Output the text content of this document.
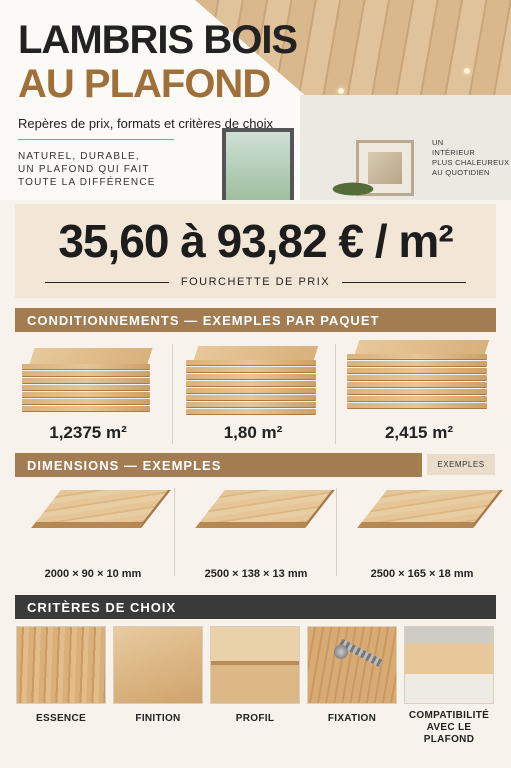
LAMBRIS BOIS
AU PLAFOND
Repères de prix, formats et critères de choix
NATUREL, DURABLE,
UN PLAFOND QUI FAIT
TOUTE LA DIFFÉRENCE
UN
INTÉRIEUR
PLUS CHALEUREUX
AU QUOTIDIEN
35,60 à 93,82 € / m²
FOURCHETTE DE PRIX
CONDITIONNEMENTS — EXEMPLES PAR PAQUET
1,2375 m²	1,80 m²	2,415 m²
DIMENSIONS — EXEMPLES	EXEMPLES
2000 × 90 × 10 mm	2500 × 138 × 13 mm	2500 × 165 × 18 mm
CRITÈRES DE CHOIX
ESSENCE	FINITION	PROFIL	FIXATION	COMPATIBILITÉ
AVEC LE PLAFOND
